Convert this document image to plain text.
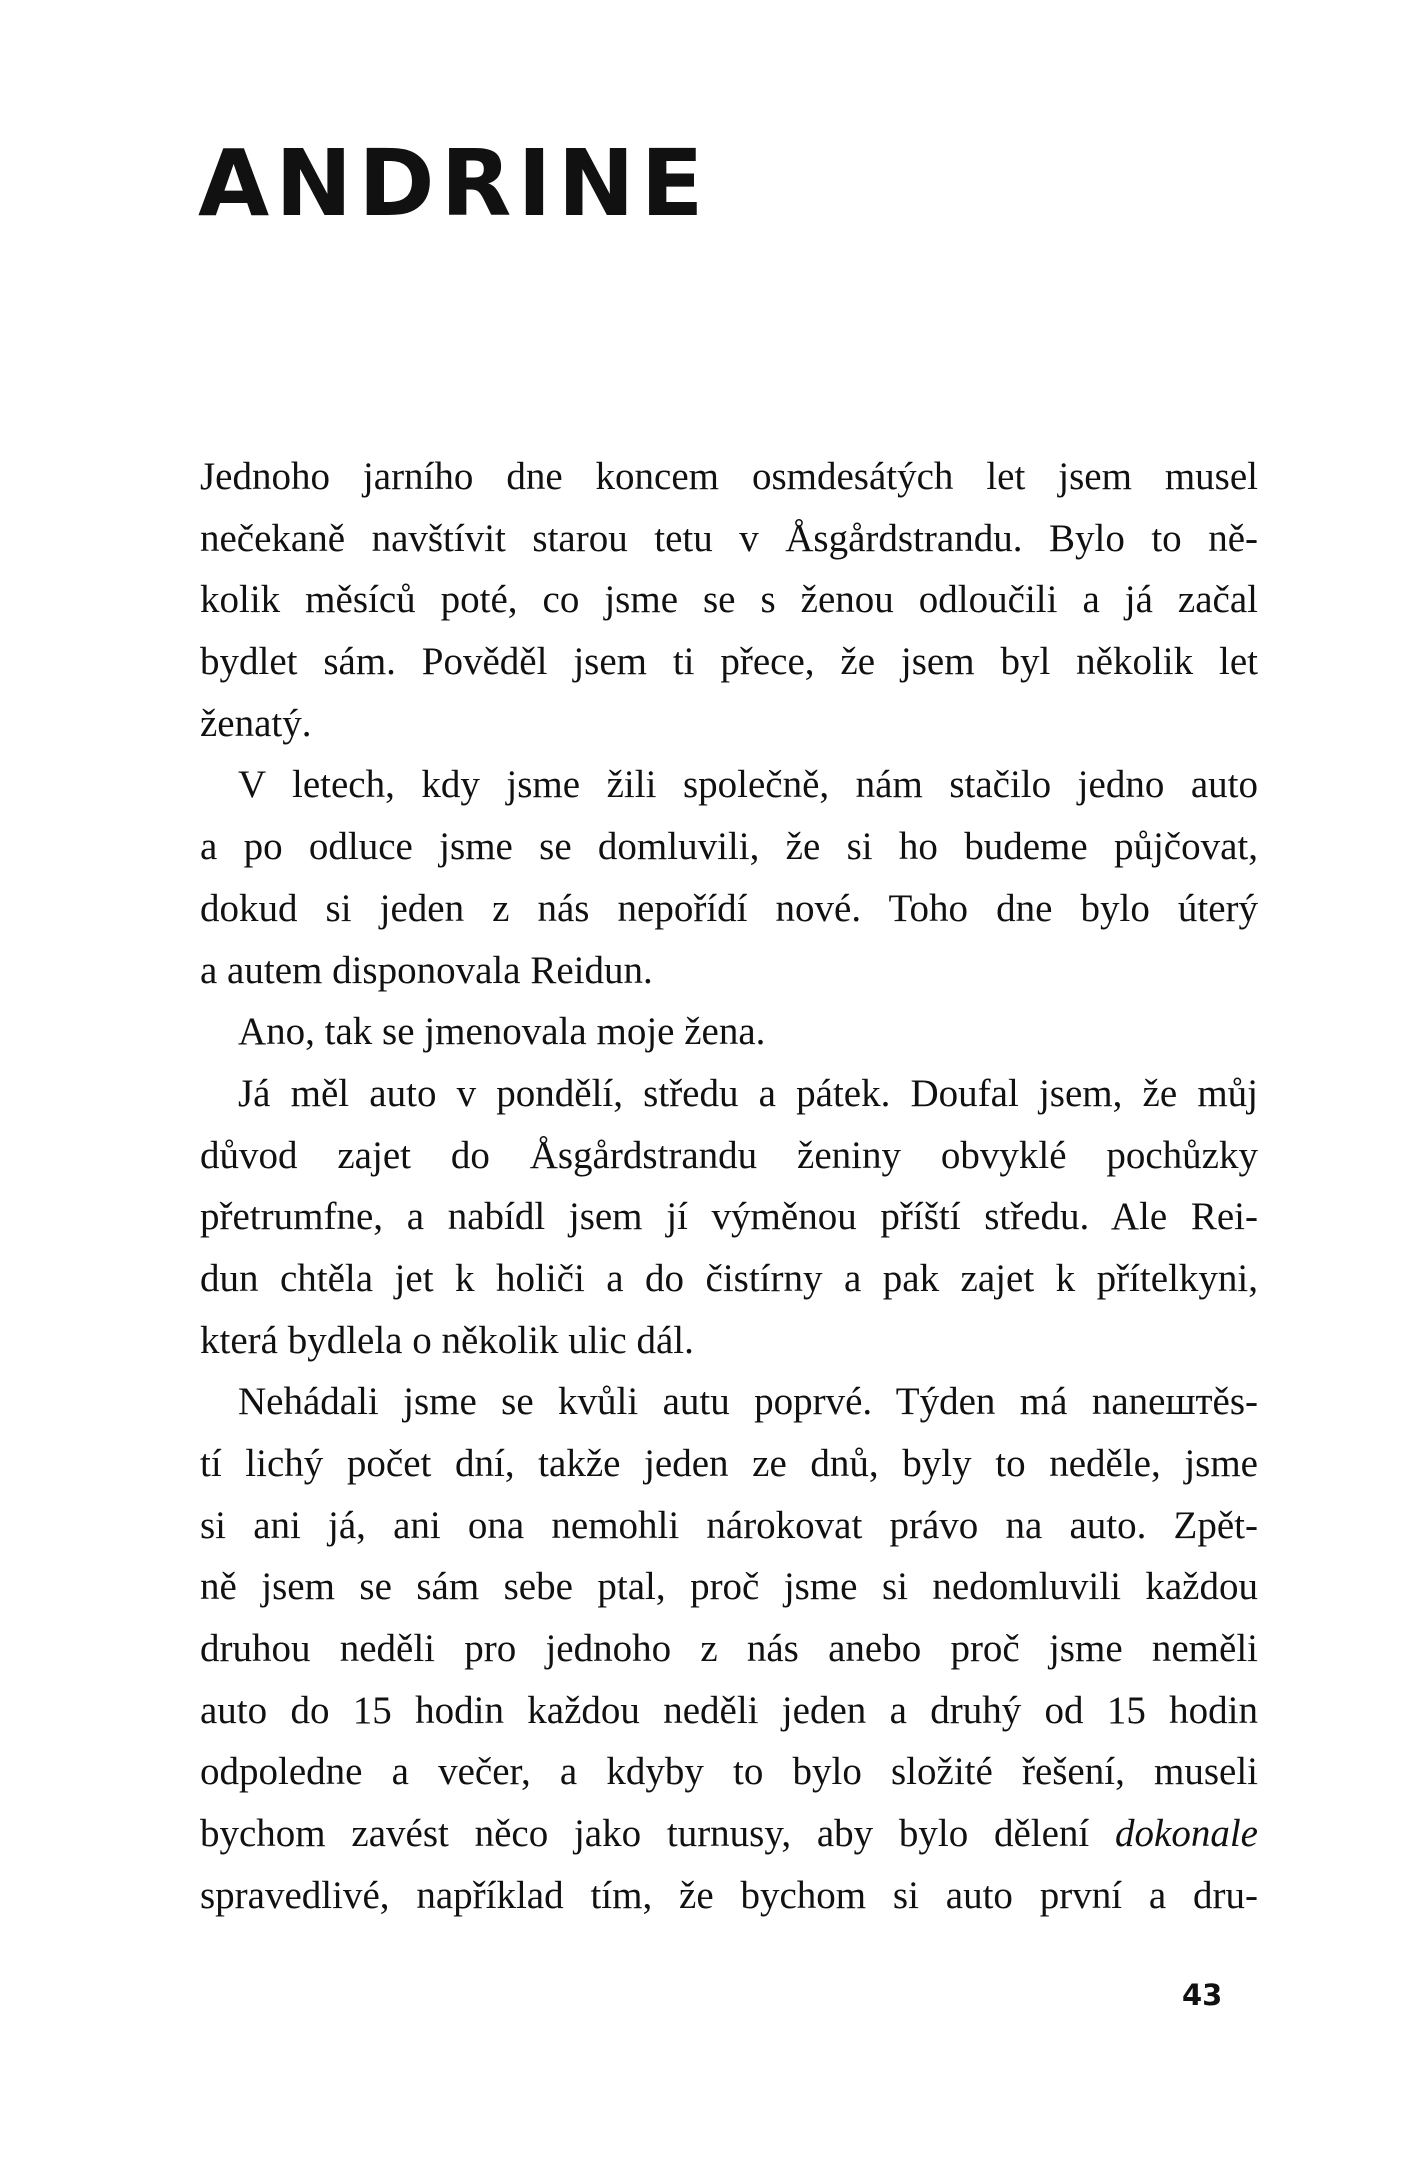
ANDRINE
Jednoho jarního dne koncem osmdesátých let jsem musel
nečekaně navštívit starou tetu v Åsgårdstrandu. Bylo to ně-
kolik měsíců poté, co jsme se s ženou odloučili a já začal
bydlet sám. Pověděl jsem ti přece, že jsem byl několik let
ženatý.
V letech, kdy jsme žili společně, nám stačilo jedno auto
a po odluce jsme se domluvili, že si ho budeme půjčovat,
dokud si jeden z nás nepořídí nové. Toho dne bylo úterý
a autem disponovala Reidun.
Ano, tak se jmenovala moje žena.
Já měl auto v pondělí, středu a pátek. Doufal jsem, že můj
důvod zajet do Åsgårdstrandu ženiny obvyklé pochůzky
přetrumfne, a nabídl jsem jí výměnou příští středu. Ale Rei-
dun chtěla jet k holiči a do čistírny a pak zajet k přítelkyni,
která bydlela o několik ulic dál.
Nehádali jsme se kvůli autu poprvé. Týden má nanештěs-
tí lichý počet dní, takže jeden ze dnů, byly to neděle, jsme
si ani já, ani ona nemohli nárokovat právo na auto. Zpět-
ně jsem se sám sebe ptal, proč jsme si nedomluvili každou
druhou neděli pro jednoho z nás anebo proč jsme neměli
auto do 15 hodin každou neděli jeden a druhý od 15 hodin
odpoledne a večer, a kdyby to bylo složité řešení, museli
bychom zavést něco jako turnusy, aby bylo dělení dokonale
spravedlivé, například tím, že bychom si auto první a dru-
43
